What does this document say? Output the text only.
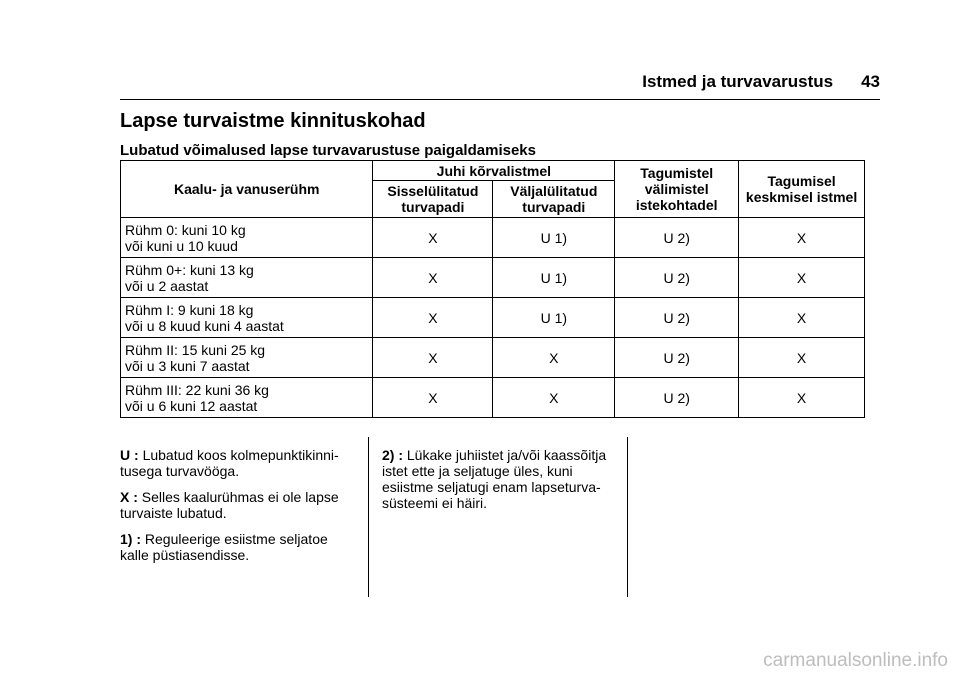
Istmed ja turvavarustus 43
Lapse turvaistme kinnituskohad
Lubatud võimalused lapse turvavarustuse paigaldamiseks
Kaalu- ja vanuserühm	Juhi kõrvalistmel		Tagumistel välimistel istekohtadel	Tagumisel keskmisel istmel
	Sisselülitatud turvapadi	Väljalülitatud turvapadi		
Rühm 0: kuni 10 kg
või kuni u 10 kuud	X	U 1)	U 2)	X
Rühm 0+: kuni 13 kg
või u 2 aastat	X	U 1)	U 2)	X
Rühm I: 9 kuni 18 kg
või u 8 kuud kuni 4 aastat	X	U 1)	U 2)	X
Rühm II: 15 kuni 25 kg
või u 3 kuni 7 aastat	X	X	U 2)	X
Rühm III: 22 kuni 36 kg
või u 6 kuni 12 aastat	X	X	U 2)	X

U : Lubatud koos kolmepunktikinni-tusega turvavööga.

X : Selles kaalurühmas ei ole lapse turvaiste lubatud.

1) : Reguleerige esiistme seljatoe kalle püstiasendisse.

2) : Lükake juhiistet ja/või kaassõitja istet ette ja seljatuge üles, kuni esiistme seljatugi enam lapseturva-süsteemi ei häiri.

carmanualsonline.info
